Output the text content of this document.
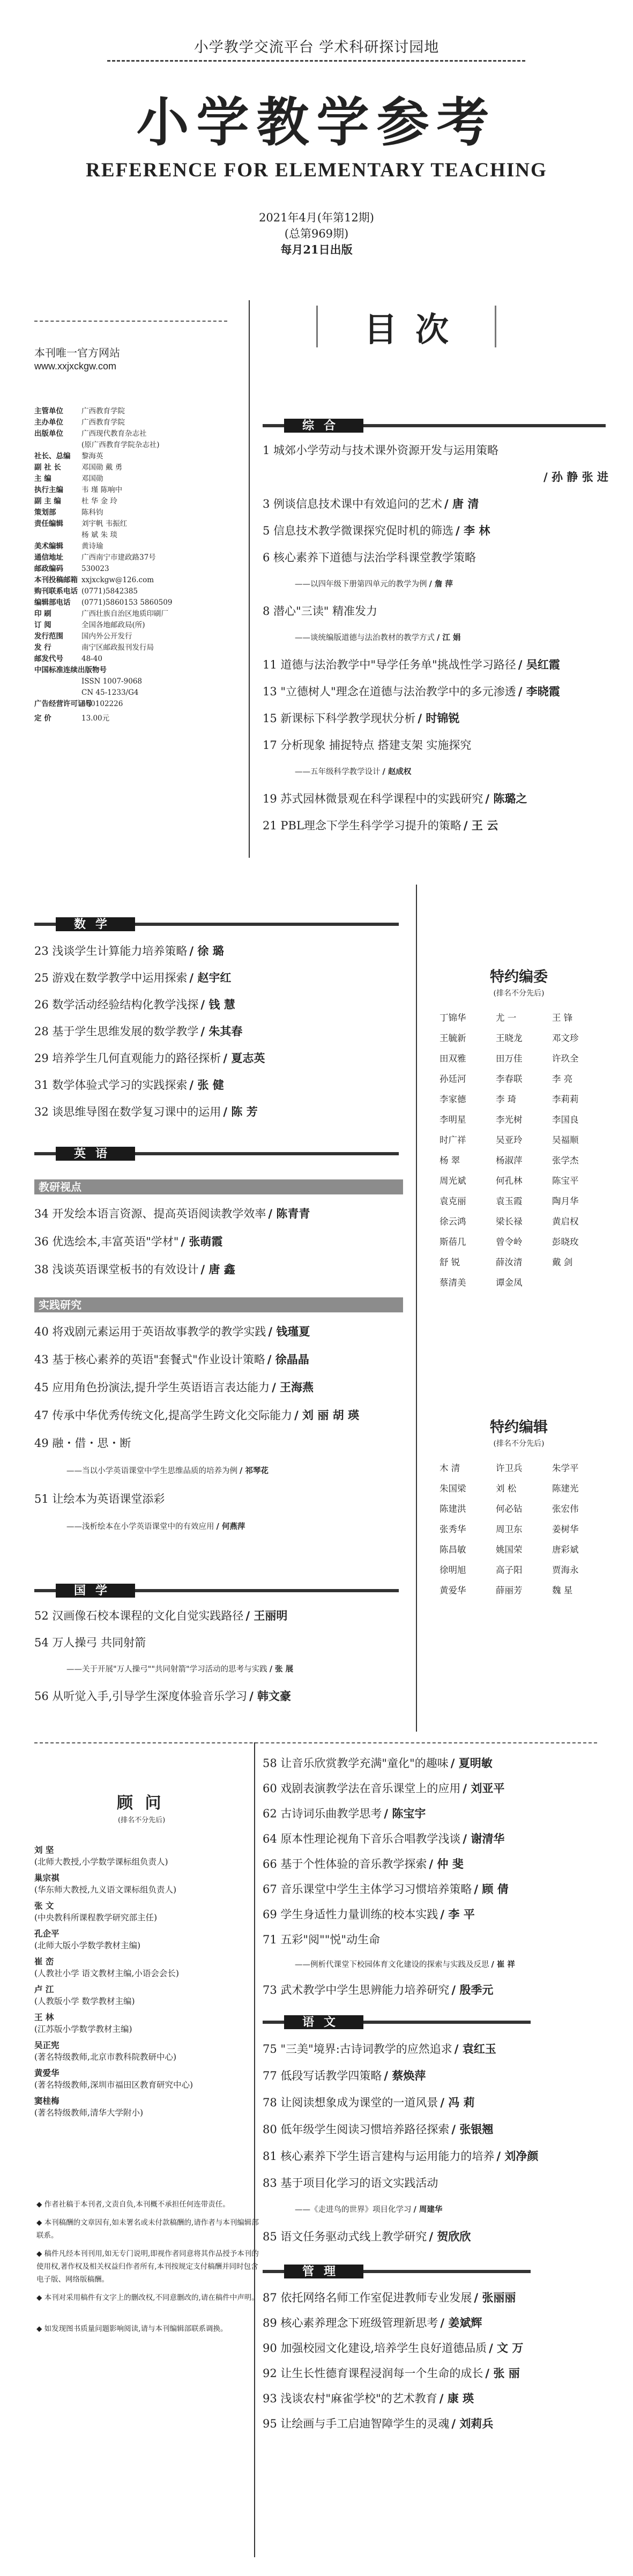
小学教学交流平台 学术科研探讨园地
小学教学参考
REFERENCE FOR ELEMENTARY TEACHING
2021年4月(年第12期)
(总第969期)
每月21日出版
本刊唯一官方网站
www.xxjxckgw.com
主管单位	广西教育学院
主办单位	广西教育学院
出版单位	广西现代教育杂志社
(原广西教育学院杂志社)
社长、总编	黎海英
副 社 长	邓国勋 戴 勇
主 编	邓国勋
执行主编	韦 瑾 陈响中
副 主 编	杜 华 金 玲
策划部	陈科钧
责任编辑	刘宇帆 韦振红
杨 斌 朱 琰
美术编辑	黄诗瑜
通信地址	广西南宁市建政路37号
邮政编码	530023
本刊投稿邮箱 xxjxckgw@126.com
购刊联系电话 (0771)5842385
编辑部电话	(0771)5860153 5860509
印 刷	广西壮族自治区地质印刷厂
订 阅	全国各地邮政局(所)
发行范围	国内外公开发行
发 行	南宁区邮政报刊发行局
邮发代号	48-40
中国标准连续出版物号
ISSN 1007-9068
CN 45-1233/G4
广告经营许可证号
450102226
定 价	13.00元
目次
综合
数学
英语
教研视点
实践研究
国学
语文
管理
1 城郊小学劳动与技术课外资源开发与运用策略
/ 孙 静 张 进
3 例谈信息技术课中有效追问的艺术 / 唐 清
5 信息技术教学微课探究促时机的筛选 / 李 林
6 核心素养下道德与法治学科课堂教学策略
——以四年级下册第四单元的教学为例 / 詹 萍
8 潜心"三读" 精准发力
——谈统编版道德与法治教材的教学方式 / 江 娟
11 道德与法治教学中"导学任务单"挑战性学习路径 / 吴红霞
13 "立德树人"理念在道德与法治教学中的多元渗透 / 李晓霞
15 新课标下科学教学现状分析 / 时锦锐
17 分析现象 捕捉特点 搭建支架 实施探究
——五年级科学教学设计 / 赵成权
19 苏式园林微景观在科学课程中的实践研究 / 陈璐之
21 PBL理念下学生科学学习提升的策略 / 王 云
23 浅谈学生计算能力培养策略 / 徐 璐
25 游戏在数学教学中运用探索 / 赵宇红
26 数学活动经验结构化教学浅探 / 钱 慧
28 基于学生思维发展的数学教学 / 朱其春
29 培养学生几何直观能力的路径探析 / 夏志英
31 数学体验式学习的实践探索 / 张 健
32 谈思维导图在数学复习课中的运用 / 陈 芳
34 开发绘本语言资源、提高英语阅读教学效率 / 陈青青
36 优选绘本,丰富英语"学材" / 张萌霞
38 浅谈英语课堂板书的有效设计 / 唐 鑫
40 将戏剧元素运用于英语故事教学的教学实践 / 钱瑾夏
43 基于核心素养的英语"套餐式"作业设计策略 / 徐晶晶
45 应用角色扮演法,提升学生英语语言表达能力 / 王海燕
47 传承中华优秀传统文化,提高学生跨文化交际能力 / 刘 丽 胡 瑛
49 融・借・思・断
——当以小学英语课堂中学生思维品质的培养为例 / 祁琴花
51 让绘本为英语课堂添彩
——浅析绘本在小学英语课堂中的有效应用 / 何燕萍
52 汉画像石校本课程的文化自觉实践路径 / 王丽明
54 万人操弓 共同射箭
——关于开展"万人操弓""共同射箭"学习活动的思考与实践 / 张 展
56 从听觉入手,引导学生深度体验音乐学习 / 韩文豪
58 让音乐欣赏教学充满"童化"的趣味 / 夏明敏
60 戏剧表演教学法在音乐课堂上的应用 / 刘亚平
62 古诗词乐曲教学思考 / 陈宝宇
64 原本性理论视角下音乐合唱教学浅谈 / 谢清华
66 基于个性体验的音乐教学探索 / 仲 斐
67 音乐课堂中学生主体学习习惯培养策略 / 顾 倩
69 学生身适性力量训练的校本实践 / 李 平
71 五彩"阅""悦"动生命
——例析代课堂下校园体育文化建设的探索与实践及反思 / 崔 祥
73 武术教学中学生思辨能力培养研究 / 殷季元
75 "三美"境界:古诗词教学的应然追求 / 袁红玉
77 低段写话教学四策略 / 蔡焕萍
78 让阅读想象成为课堂的一道风景 / 冯 莉
80 低年级学生阅读习惯培养路径探索 / 张银翘
81 核心素养下学生语言建构与运用能力的培养 / 刘净颜
83 基于项目化学习的语文实践活动
——《走进鸟的世界》项目化学习 / 周建华
85 语文任务驱动式线上教学研究 / 贺欣欣
87 依托网络名师工作室促进教师专业发展 / 张丽丽
89 核心素养理念下班级管理新思考 / 姜斌辉
90 加强校园文化建设,培养学生良好道德品质 / 文 万
92 让生长性德育课程浸润每一个生命的成长 / 张 丽
93 浅谈农村"麻雀学校"的艺术教育 / 康 瑛
95 让绘画与手工启迪智障学生的灵魂 / 刘莉兵
特约编委
(排名不分先后)
丁锦华	尤 一	王 锋
王毓新	王晓龙	邓文珍
田双雅	田万佳	许玖全
孙廷河	李春联	李 亮
李家德	李 琦	李莉莉
李明星	李光树	李国良
时广祥	吴亚玲	吴福顺
杨 翠	杨淑萍	张学杰
周光斌	何孔林	陈宝平
袁克丽	袁玉霞	陶月华
徐云鸿	梁长禄	黄启权
斯蓓几	曾令岭	彭晓玫
舒 锐	薛汝清	戴 剑
蔡清美	谭金凤
特约编辑
(排名不分先后)
木 清	许卫兵	朱学平
朱国梁	刘 松	陈建光
陈建洪	何必钻	张宏伟
张秀华	周卫东	姜树华
陈昌敏	姚国荣	唐彩斌
徐明旭	高子阳	贾海永
黄爱华	薛丽芳	魏 星
顾 问
(排名不分先后)
刘 坚
(北师大教授,小学数学课标组负责人)
巢宗祺
(华东师大教授,九义语文课标组负责人)
张 文
(中央教科所课程教学研究部主任)
孔企平
(北师大版小学数学教材主编)
崔 峦
(人教社小学 语文教材主编,小语会会长)
卢 江
(人教版小学 数学教材主编)
王 林
(江苏版小学数学教材主编)
吴正宪
(著名特级教师,北京市教科院教研中心)
黄爱华
(著名特级教师,深圳市福田区教育研究中心)
窦桂梅
(著名特级教师,清华大学附小)
◆ 作者社稿于本刊者,文责自负,本刊概不承担任何连带责任。
◆ 本刊稿酬的文章因有,如未署名或未付款稿酬的,请作者与本刊编辑部联系。
◆ 稿件凡经本刊刊用,如无专门说明,即视作者同意将其作品授予本刊的使用权,著作权及相关权益归作者所有,本刊按规定支付稿酬并同时包含电子版、网络版稿酬。
◆ 本刊对采用稿件有文字上的删改权,不同意删改的,请在稿件中声明。
◆ 如发现图书质量问题影响阅读,请与本刊编辑部联系调换。
